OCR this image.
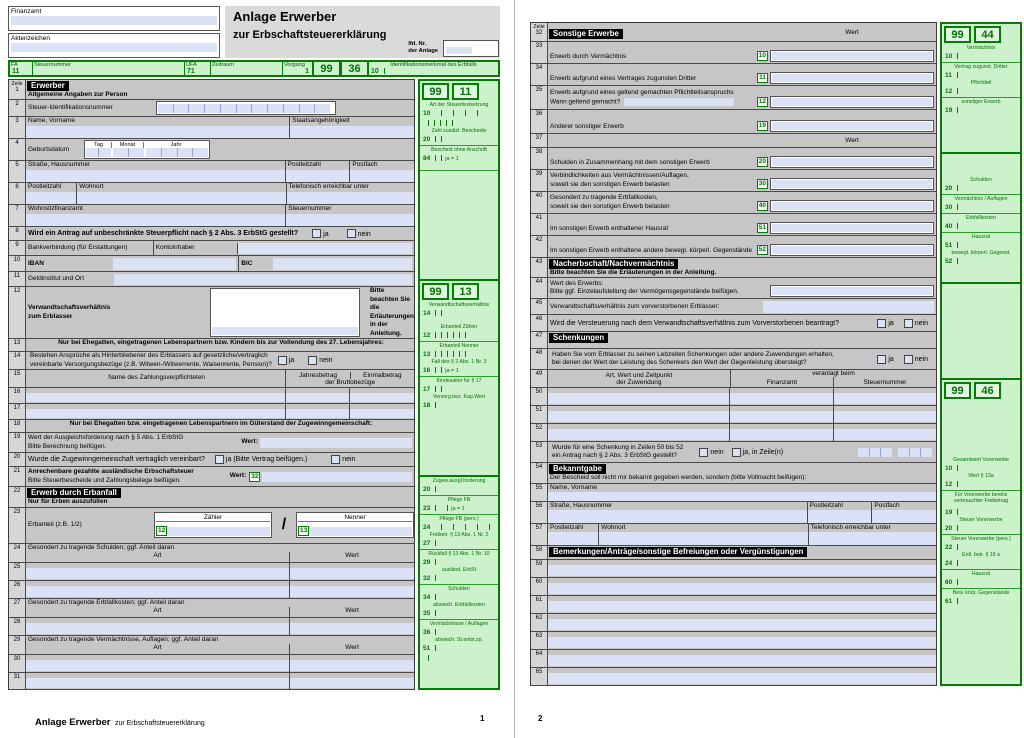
Finanzamt
Aktenzeichen
Anlage Erwerber
zur Erbschaftsteuererklärung
lfd. Nr.
der Anlage
FA
11
Steuernummer	UFA
71
Zeitraum	Vorgang
1	99	36	Identifikationsmerkmal des Erbfalls
10
Zeile
1
Erwerber
Allgemeine Angaben zur Person
2	Steuer-Identifikationsnummer
3	Name, Vorname	Staatsangehörigkeit
4
Geburtsdatum
Tag	Monat	Jahr
5	Straße, Hausnummer	Postleitzahl	Postfach
6	Postleitzahl	Wohnort	Telefonisch erreichbar unter
7	Wohnsitzfinanzamt	Steuernummer
8	Wird ein Antrag auf unbeschränkte Steuerpflicht nach § 2 Abs. 3 ErbStG gestellt?	ja	nein
9	Bankverbindung (für Erstattungen)	Kontoinhaber
10	IBAN	BIC
11	Geldinstitut und Ort
12
Verwandtschaftsverhältnis
zum Erblasser
Bitte beachten Sie die
Erläuterungen in der Anleitung.
13	Nur bei Ehegatten, eingetragenen Lebenspartnern bzw. Kindern bis zur Vollendung des 27. Lebensjahres:
14	Bestehen Ansprüche als Hinterbliebener des Erblassers auf gesetzliche/vertraglich
vereinbarte Versorgungsbezüge (z.B. Witwen-/Witwerrente, Waisenrente, Pension)?	ja	nein
15
Name des Zahlungsverpflichteten	Jahresbetrag	Einmalbetrag
der Bruttobezüge
16
17
18	Nur bei Ehegatten bzw. eingetragenen Lebenspartnern im Güterstand der Zugewinngemeinschaft:
19	Wert der Ausgleichsforderung nach § 5 Abs. 1 ErbStG
Bitte Berechnung beifügen.
Wert:
20	Wurde die Zugewinngemeinschaft vertraglich vereinbart?	ja (Bitte Vertrag beifügen.)	nein
21	Anrechenbare gezahlte ausländische Erbschaftsteuer
Bitte Steuerbescheide und Zahlungsbelege beifügen.
Wert: 32
22	Erwerb durch Erbanfall
Nur für Erben auszufüllen
23
Erbanteil (z.B. 1/2)
Zähler
12	/	Nenner
13
24	Gesondert zu tragende Schulden; ggf. Anteil daran
Art	Wert
25
26
27	Gesondert zu tragende Erbfallkosten; ggf. Anteil daran
Art	Wert
28
29	Gesondert zu tragende Vermächtnisse, Auflagen; ggf. Anteil daran
Art	Wert
30
31
99	11
Art der Steuerfestsetzung
10
Zahl zusätzl. Bescheide
20
Bescheid ohne Anschrift
84	ja = 1
99	13
Verwandtschaftsverhältnis
14
Erbanteil Zähler
12
Erbanteil Nenner
13
Fall des § 2 Abs. 1 Nr. 3
16	ja = 1
Kindesalter für § 17
17
Versorg.bez. Kap.Wert
18
Zugew.ausgl.forderung
20
Pflege FB
23	ja = 1
Pflege FB (pers.)
24
Freibetr. § 13 Abs. 1 Nr. 2
27
Rückfall § 13 Abs. 1 Nr. 10
29
ausländ. ErbSt
32
Schulden
34
abweich. Erbfallkosten
35
Vermächtnisse / Auflagen
36
abweich. St.entst.zp.
51
Zeile
32	Sonstige Erwerbe	Wert
33
Erwerb durch Vermächtnis	10
34
Erwerb aufgrund eines Vertrages zugunsten Dritter	11
35	Erwerb aufgrund eines geltend gemachten Pflichtteilsanspruchs
Wann geltend gemacht?	12
36
Anderer sonstiger Erwerb	19
37	Wert
38
Schulden in Zusammenhang mit dem sonstigen Erwerb	20
39	Verbindlichkeiten aus Vermächtnissen/Auflagen,
soweit sie den sonstigen Erwerb belasten	30
40	Gesondert zu tragende Erbfallkosten,
soweit sie den sonstigen Erwerb belasten	40
41
Im sonstigen Erwerb enthaltener Hausrat	51
42
Im sonstigen Erwerb enthaltene andere bewegl. körperl. Gegenstände	52
43	Nacherbschaft/Nachvermächtnis
Bitte beachten Sie die Erläuterungen in der Anleitung.
44	Wert des Erwerbs:
Bitte ggf. Einzelaufstellung der Vermögensgegenstände beifügen.
45	Verwandtschaftsverhältnis zum vorverstorbenen Erblasser:
46
Wird die Versteuerung nach dem Verwandtschaftsverhältnis zum Vorverstorbenen beantragt?	ja	nein
47	Schenkungen
48	Haben Sie vom Erblasser zu seinen Lebzeiten Schenkungen oder andere Zuwendungen erhalten,
bei denen der Wert der Leistung des Schenkers den Wert der Gegenleistung übersteigt?	ja	nein
49	Art, Wert und Zeitpunkt
der Zuwendung
veranlagt beim
Finanzamt	Steuernummer
50
51
52
53	Wurde für eine Schenkung in Zeilen 50 bis 52
ein Antrag nach § 2 Abs. 3 ErbStG gestellt?	nein	ja, in Zeile(n)
54	Bekanntgabe
Der Bescheid soll nicht mir bekannt gegeben werden, sondern (bitte Vollmacht beifügen):
55	Name, Vorname
56	Straße, Hausnummer	Postleitzahl	Postfach
57	Postleitzahl	Wohnort	Telefonisch erreichbar unter
58	Bemerkungen/Anträge/sonstige Befreiungen oder Vergünstigungen
59
60
61
62
63
64
65
99	44
Vermächtnis
10
Vertrag zugunst. Dritter
11
Pflichtteil
12
sonstiger Erwerb
19
Schulden
20
Vermächtnis / Auflagen
30
Erbfallkosten
40
Hausrat
51
bewegl. körperl. Gegenst.
52
99	46
Gesamtwert Vorerwerbe
10
Wert § 13a
12
Für Vorerwerbe bereits verbrauchter Freibetrag
19
Steuer Vorerwerbe
20
Steuer Vorerwerbe (pers.)
22
Entl. betr. § 19 a
24
Hausrat
60
Bew. körp. Gegenstände
61
Anlage Erwerber zur Erbschaftsteuererklärung
1	2
